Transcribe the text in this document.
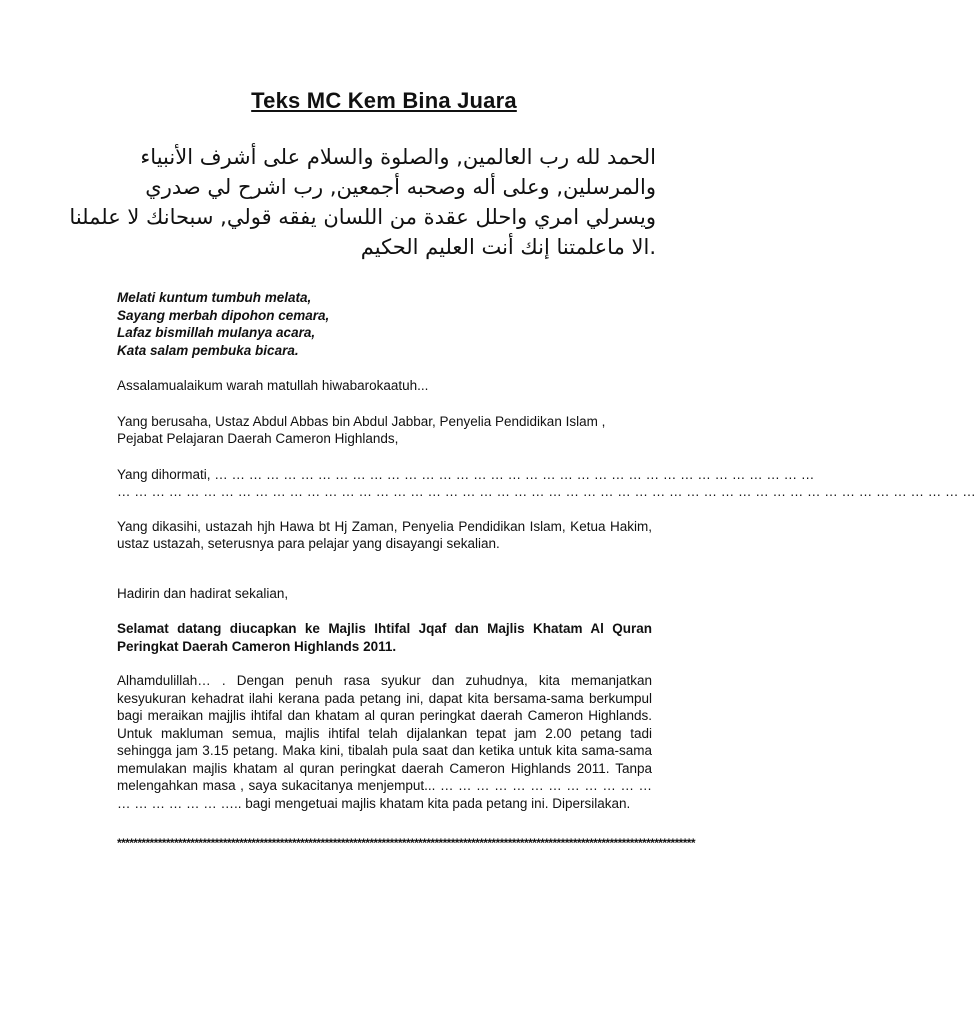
Teks MC Kem Bina Juara
الحمد لله رب العالمين, والصلوة والسلام على أشرف الأنبياء
والمرسلين, وعلى أله وصحبه أجمعين, رب اشرح لي صدري
ويسرلي امري واحلل عقدة من اللسان يفقه قولي, سبحانك لا علملنا
.الا ماعلمتنا إنك أنت العليم الحكيم
Melati kuntum tumbuh melata,
Sayang merbah dipohon cemara,
Lafaz bismillah mulanya acara,
Kata salam pembuka bicara.

Assalamualaikum warah matullah hiwabarokaatuh...

Yang berusaha, Ustaz Abdul Abbas bin Abdul Jabbar, Penyelia Pendidikan Islam , Pejabat Pelajaran Daerah Cameron Highlands,

Yang dihormati, … … … … … … … … … … … … … … … … … … … … … … … … … … … … … … … … … … …
… … … … … … … … … … … … … … … … … … … … … … … … … … … … … … … … … … … … … … … … … … … … … … … … … …

Yang dikasihi, ustazah hjh Hawa bt Hj Zaman, Penyelia Pendidikan Islam, Ketua Hakim, ustaz ustazah, seterusnya para pelajar yang disayangi sekalian.

Hadirin dan hadirat sekalian,

Selamat datang diucapkan ke Majlis Ihtifal Jqaf dan Majlis Khatam Al Quran Peringkat Daerah Cameron Highlands 2011.

Alhamdulillah… . Dengan penuh rasa syukur dan zuhudnya, kita memanjatkan kesyukuran kehadrat ilahi kerana pada petang ini, dapat kita bersama-sama berkumpul bagi meraikan majjlis ihtifal dan khatam al quran peringkat daerah Cameron Highlands. Untuk makluman semua, majlis ihtifal telah dijalankan tepat jam 2.00 petang tadi sehingga jam 3.15 petang. Maka kini, tibalah pula saat dan ketika untuk kita sama-sama memulakan majlis khatam al quran peringkat daerah Cameron Highlands 2011. Tanpa melengahkan masa , saya sukacitanya menjemput... … … … … … … … … … … … … … … … … … … ….. bagi mengetuai majlis khatam kita pada petang ini. Dipersilakan.

**********************************************************************************************************************************************
